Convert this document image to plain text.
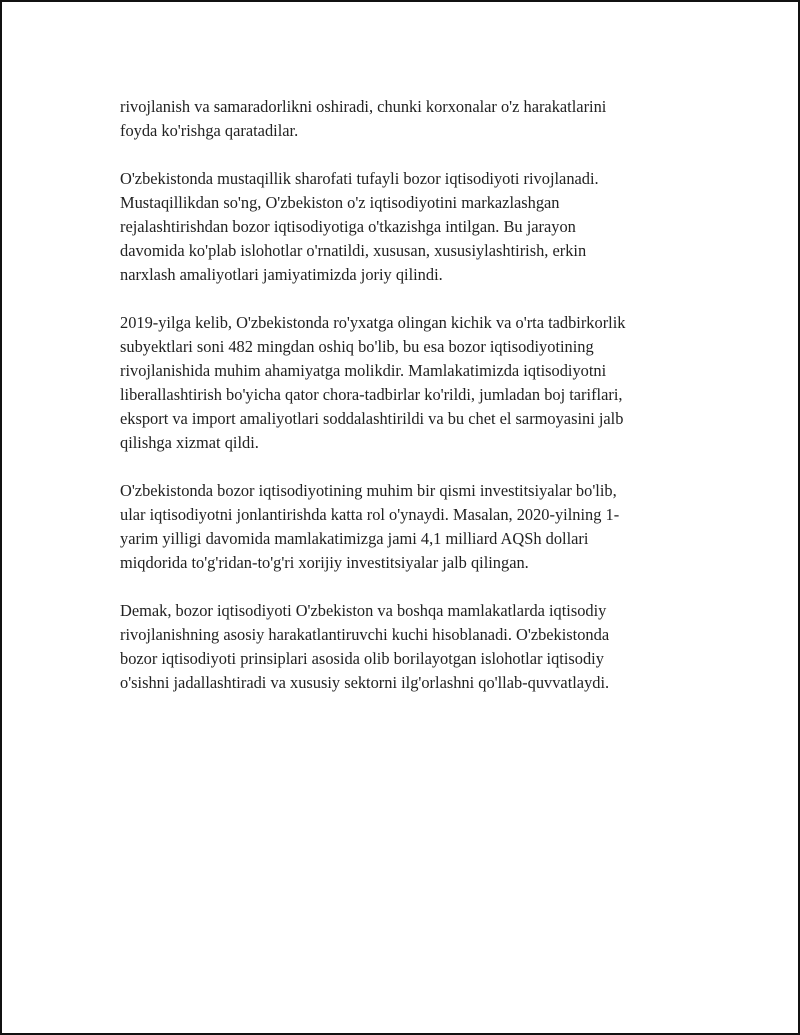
rivojlanish va samaradorlikni oshiradi, chunki korxonalar o'z harakatlarini
foyda ko'rishga qaratadilar.

O'zbekistonda mustaqillik sharofati tufayli bozor iqtisodiyoti rivojlanadi.
Mustaqillikdan so'ng, O'zbekiston o'z iqtisodiyotini markazlashgan
rejalashtirishdan bozor iqtisodiyotiga o'tkazishga intilgan. Bu jarayon
davomida ko'plab islohotlar o'rnatildi, xususan, xususiylashtirish, erkin
narxlash amaliyotlari jamiyatimizda joriy qilindi.

2019-yilga kelib, O'zbekistonda ro'yxatga olingan kichik va o'rta tadbirkorlik
subyektlari soni 482 mingdan oshiq bo'lib, bu esa bozor iqtisodiyotining
rivojlanishida muhim ahamiyatga molikdir. Mamlakatimizda iqtisodiyotni
liberallashtirish bo'yicha qator chora-tadbirlar ko'rildi, jumladan boj tariflari,
eksport va import amaliyotlari soddalashtirildi va bu chet el sarmoyasini jalb
qilishga xizmat qildi.

O'zbekistonda bozor iqtisodiyotining muhim bir qismi investitsiyalar bo'lib,
ular iqtisodiyotni jonlantirishda katta rol o'ynaydi. Masalan, 2020-yilning 1-
yarim yilligi davomida mamlakatimizga jami 4,1 milliard AQSh dollari
miqdorida to'g'ridan-to'g'ri xorijiy investitsiyalar jalb qilingan.

Demak, bozor iqtisodiyoti O'zbekiston va boshqa mamlakatlarda iqtisodiy
rivojlanishning asosiy harakatlantiruvchi kuchi hisoblanadi. O'zbekistonda
bozor iqtisodiyoti prinsiplari asosida olib borilayotgan islohotlar iqtisodiy
o'sishni jadallashtiradi va xususiy sektorni ilg'orlashni qo'llab-quvvatlaydi.
